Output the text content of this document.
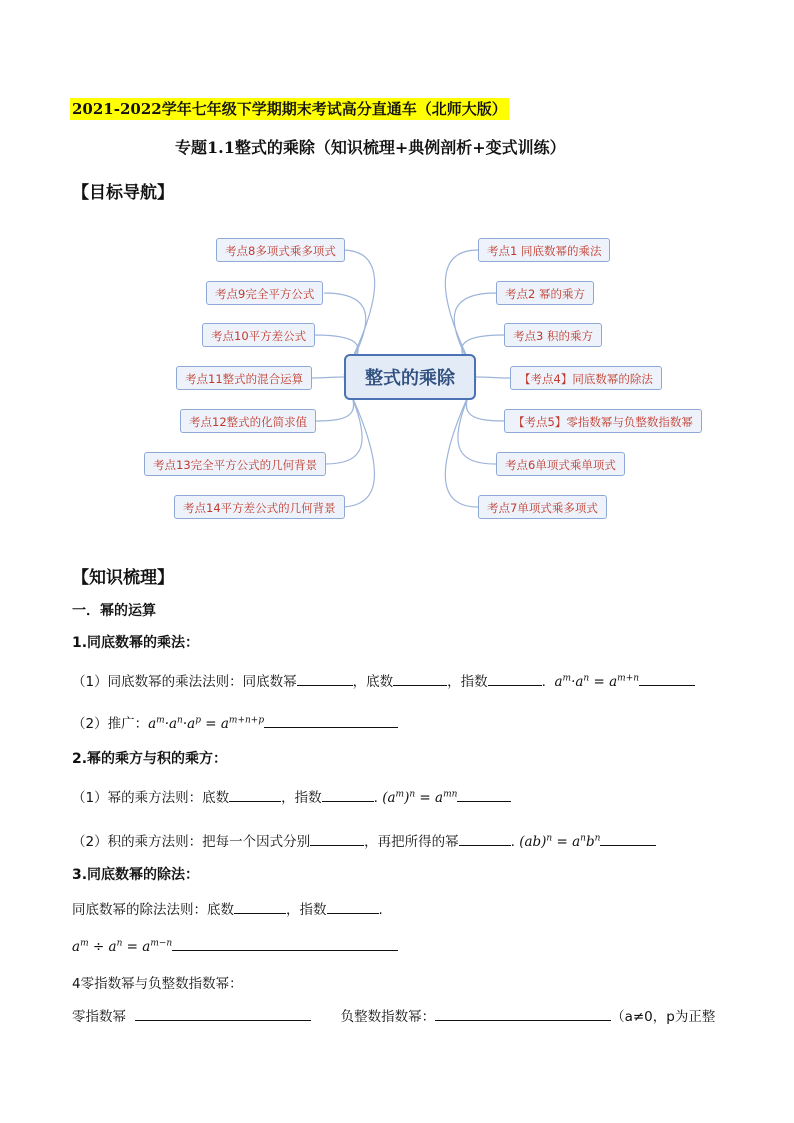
2021-2022学年七年级下学期期末考试高分直通车（北师大版）
专题1.1整式的乘除（知识梳理+典例剖析+变式训练）
【目标导航】
整式的乘除
考点1 同底数幂的乘法
考点2 幂的乘方
考点3 积的乘方
【考点4】同底数幂的除法
【考点5】零指数幂与负整数指数幂
考点6单项式乘单项式
考点7单项式乘多项式
考点8多项式乘多项式
考点9完全平方公式
考点10平方差公式
考点11整式的混合运算
考点12整式的化简求值
考点13完全平方公式的几何背景
考点14平方差公式的几何背景
【知识梳理】
一．幂的运算
1.同底数幂的乘法：
（1）同底数幂的乘法法则：同底数幂	，底数	，指数	.  $a^m\cdot a^n = a^{m+n}$
（2）推广：$a^m\cdot a^n\cdot a^p = a^{m+n+p}$
2.幂的乘方与积的乘方：
（1）幂的乘方法则：底数	，指数	. $(a^m)^n = a^{mn}$
（2）积的乘方法则：把每一个因式分别	，再把所得的幂	. $(ab)^n = a^nb^n$
3.同底数幂的除法：
同底数幂的除法法则：底数	，指数	.
$a^m \div a^n = a^{m-n}$
4零指数幂与负整数指数幂：
零指数幂	负整数指数幂：	（a≠0，p为正整
